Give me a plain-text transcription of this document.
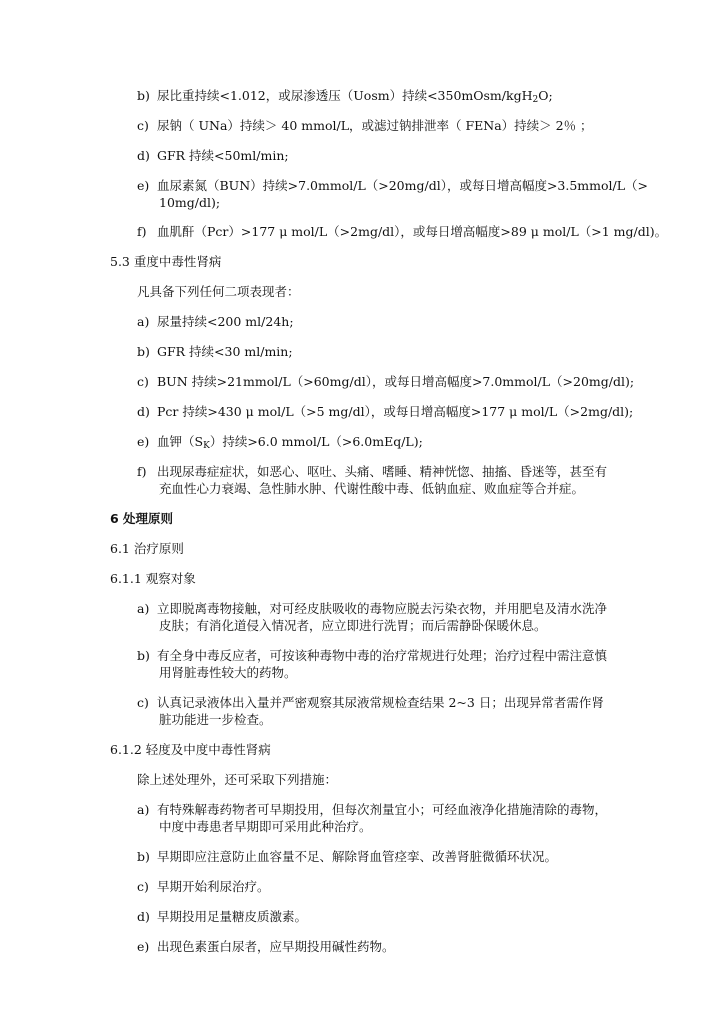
b) 尿比重持续<1.012，或尿渗透压（Uosm）持续<350mOsm/kgH$_2$O;
c) 尿钠（ UNa）持续＞ 40 mmol/L，或滤过钠排泄率（ FENa）持续＞ 2％ ；
d) GFR 持续<50ml/min;
e) 血尿素氮（BUN）持续>7.0mmol/L（>20mg/dl），或每日增高幅度>3.5mmol/L（>
10mg/dl);
f) 血肌酐（Pcr）>177 μ mol/L（>2mg/dl），或每日增高幅度>89 μ mol/L（>1 mg/dl)。
5.3 重度中毒性肾病
凡具备下列任何二项表现者：
a) 尿量持续<200 ml/24h;
b) GFR 持续<30 ml/min;
c) BUN 持续>21mmol/L（>60mg/dl），或每日增高幅度>7.0mmol/L（>20mg/dl);
d) Pcr 持续>430 μ mol/L（>5 mg/dl），或每日增高幅度>177 μ mol/L（>2mg/dl);
e) 血钾$(S_K)$持续>6.0 mmol/L（>6.0mEq/L);
f) 出现尿毒症症状，如恶心、呕吐、头痛、嗜睡、精神恍惚、抽搐、昏迷等，甚至有
充血性心力衰竭、急性肺水肿、代谢性酸中毒、低钠血症、败血症等合并症。
6 处理原则
6.1 治疗原则
6.1.1 观察对象
a) 立即脱离毒物接触，对可经皮肤吸收的毒物应脱去污染衣物，并用肥皂及清水洗净
皮肤；有消化道侵入情况者，应立即进行洗胃；而后需静卧保暖休息。
b) 有全身中毒反应者，可按该种毒物中毒的治疗常规进行处理；治疗过程中需注意慎
用肾脏毒性较大的药物。
c) 认真记录液体出入量并严密观察其尿液常规检查结果 2~3 日；出现异常者需作肾
脏功能进一步检查。
6.1.2 轻度及中度中毒性肾病
除上述处理外，还可采取下列措施：
a) 有特殊解毒药物者可早期投用，但每次剂量宜小；可经血液净化措施清除的毒物，
中度中毒患者早期即可采用此种治疗。
b) 早期即应注意防止血容量不足、解除肾血管痉挛、改善肾脏微循环状况。
c) 早期开始利尿治疗。
d) 早期投用足量糖皮质激素。
e) 出现色素蛋白尿者，应早期投用碱性药物。
